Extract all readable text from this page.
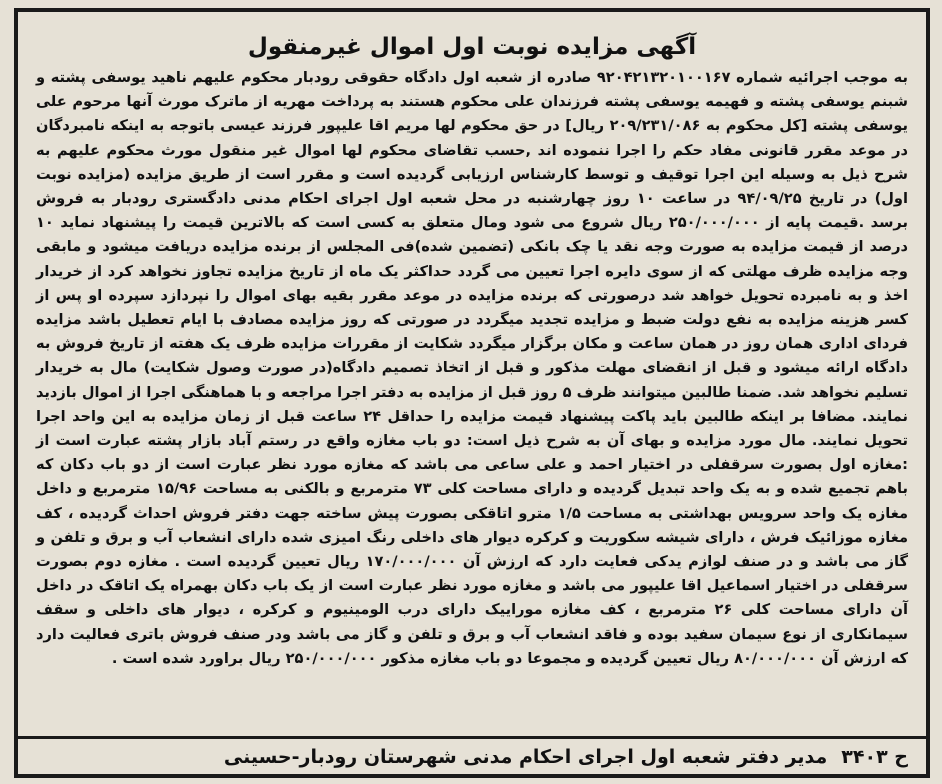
آگهی مزایده نوبت اول اموال غیرمنقول

به موجب اجرائیه شماره ۹۲۰۴۲۱۳۲۰۱۰۰۱۶۷ صادره از شعبه اول دادگاه حقوقی رودبار محکوم علیهم ناهید یوسفی پشته و شبنم یوسفی پشته و فهیمه یوسفی پشته فرزندان علی محکوم هستند به پرداخت مهریه از ماترک مورث آنها مرحوم علی یوسفی پشته [کل محکوم به ۲۰۹/۲۳۱/۰۸۶ ریال] در حق محکوم لها مریم اقا علیپور فرزند عیسی باتوجه به اینکه نامبردگان در موعد مقرر قانونی مفاد حکم را اجرا ننموده اند ,حسب تقاضای محکوم لها اموال غیر منقول مورث محکوم علیهم به شرح ذیل به وسیله این اجرا توقیف و توسط کارشناس ارزیابی گردیده است و مقرر است از طریق مزایده (مزایده نوبت اول) در تاریخ ۹۴/۰۹/۲۵ در ساعت ۱۰ روز چهارشنبه در محل شعبه اول اجرای احکام مدنی دادگستری رودبار به فروش برسد .قیمت پایه از ۲۵۰/۰۰۰/۰۰۰ ریال شروع می شود ومال متعلق به کسی است که بالاترین قیمت را پیشنهاد نماید ۱۰ درصد از قیمت مزایده به صورت وجه نقد یا چک بانکی (تضمین شده)فی المجلس از برنده مزایده دریافت میشود و مابقی وجه مزایده ظرف مهلتی که از سوی دایره اجرا تعیین می گردد حداکثر یک ماه از تاریخ مزایده تجاوز نخواهد کرد از خریدار اخذ و به نامبرده تحویل خواهد شد درصورتی که برنده مزایده در موعد مقرر بقیه بهای اموال را نپردازد سپرده او پس از کسر هزینه مزایده به نفع دولت ضبط و مزایده تجدید میگردد در صورتی که روز مزایده مصادف با ایام تعطیل باشد مزایده فردای اداری همان روز در همان ساعت و مکان برگزار میگردد شکایت از مقررات مزایده ظرف یک هفته از تاریخ فروش به دادگاه ارائه میشود و قبل از انقضای مهلت مذکور و قبل از اتخاذ تصمیم دادگاه(در صورت وصول شکایت) مال به خریدار تسلیم نخواهد شد. ضمنا طالبین میتوانند ظرف ۵ روز قبل از مزایده به دفتر اجرا مراجعه و با هماهنگی اجرا از اموال بازدید نمایند. مضافا بر اینکه طالبین باید پاکت پیشنهاد قیمت مزایده را حداقل ۲۴ ساعت قبل از زمان مزایده به این واحد اجرا تحویل نمایند. مال مورد مزایده و بهای آن به شرح ذیل است: دو باب مغازه واقع در رستم آباد بازار پشته عبارت است از :مغازه اول بصورت سرقفلی در اختیار احمد و علی ساعی می باشد که مغازه مورد نظر عبارت است از دو باب دکان که باهم تجمیع شده و به یک واحد تبدیل گردیده و دارای مساحت کلی ۷۳ مترمربع و بالکنی به مساحت ۱۵/۹۶ مترمربع و داخل مغازه یک واحد سرویس بهداشتی به مساحت ۱/۵ مترو اتاقکی بصورت پیش ساخته جهت دفتر فروش احداث گردیده ، کف مغازه موزائیک فرش ، دارای شیشه سکوریت و کرکره دیوار های داخلی رنگ امیزی شده دارای انشعاب آب و برق و تلفن و گاز می باشد و در صنف لوازم یدکی فعایت دارد که ارزش آن ۱۷۰/۰۰۰/۰۰۰ ریال تعیین گردیده است . مغازه دوم بصورت سرقفلی در اختیار اسماعیل اقا علیپور می باشد و مغازه مورد نظر عبارت است از یک باب دکان بهمراه یک اتاقک در داخل آن دارای مساحت کلی ۲۶ مترمربع ، کف مغازه موراییک دارای درب الومینیوم و کرکره ، دیوار های داخلی و سقف سیمانکاری از نوع سیمان سفید بوده و فاقد انشعاب آب و برق و تلفن و گاز می باشد ودر صنف فروش باتری فعالیت دارد که ارزش آن ۸۰/۰۰۰/۰۰۰ ریال تعیین گردیده و مجموعا دو باب مغازه مذکور ۲۵۰/۰۰۰/۰۰۰ ریال براورد شده است .

ح ۳۴۰۳
مدیر دفتر شعبه اول اجرای احکام مدنی شهرستان رودبار-حسینی
